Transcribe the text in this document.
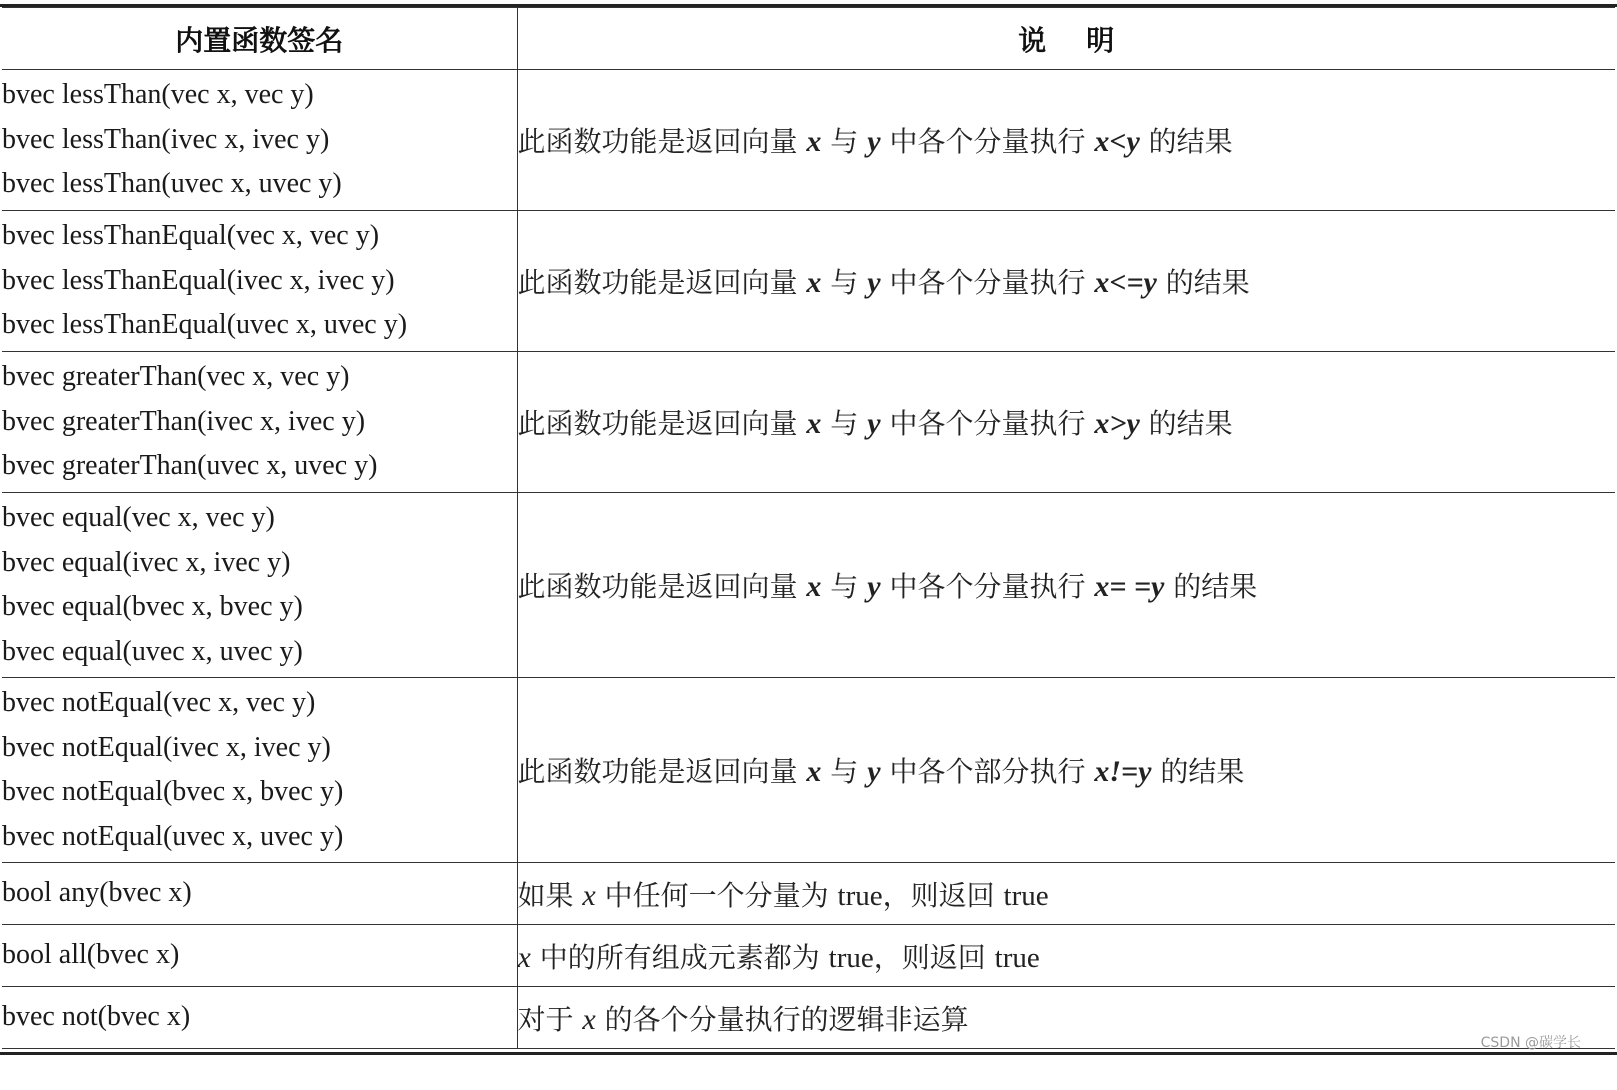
内置函数签名	说明

bvec lessThan(vec x, vec y)
bvec lessThan(ivec x, ivec y)
bvec lessThan(uvec x, uvec y)	此函数功能是返回向量 x 与 y 中各个分量执行 x<y 的结果

bvec lessThanEqual(vec x, vec y)
bvec lessThanEqual(ivec x, ivec y)
bvec lessThanEqual(uvec x, uvec y)	此函数功能是返回向量 x 与 y 中各个分量执行 x<=y 的结果

bvec greaterThan(vec x, vec y)
bvec greaterThan(ivec x, ivec y)
bvec greaterThan(uvec x, uvec y)	此函数功能是返回向量 x 与 y 中各个分量执行 x>y 的结果

bvec equal(vec x, vec y)
bvec equal(ivec x, ivec y)
bvec equal(bvec x, bvec y)
bvec equal(uvec x, uvec y)	此函数功能是返回向量 x 与 y 中各个分量执行 x= =y 的结果

bvec notEqual(vec x, vec y)
bvec notEqual(ivec x, ivec y)
bvec notEqual(bvec x, bvec y)
bvec notEqual(uvec x, uvec y)	此函数功能是返回向量 x 与 y 中各个部分执行 x!=y 的结果

bool any(bvec x)	如果 x 中任何一个分量为 true，则返回 true

bool all(bvec x)	x 中的所有组成元素都为 true，则返回 true

bvec not(bvec x)	对于 x 的各个分量执行的逻辑非运算
CSDN @碳学长
